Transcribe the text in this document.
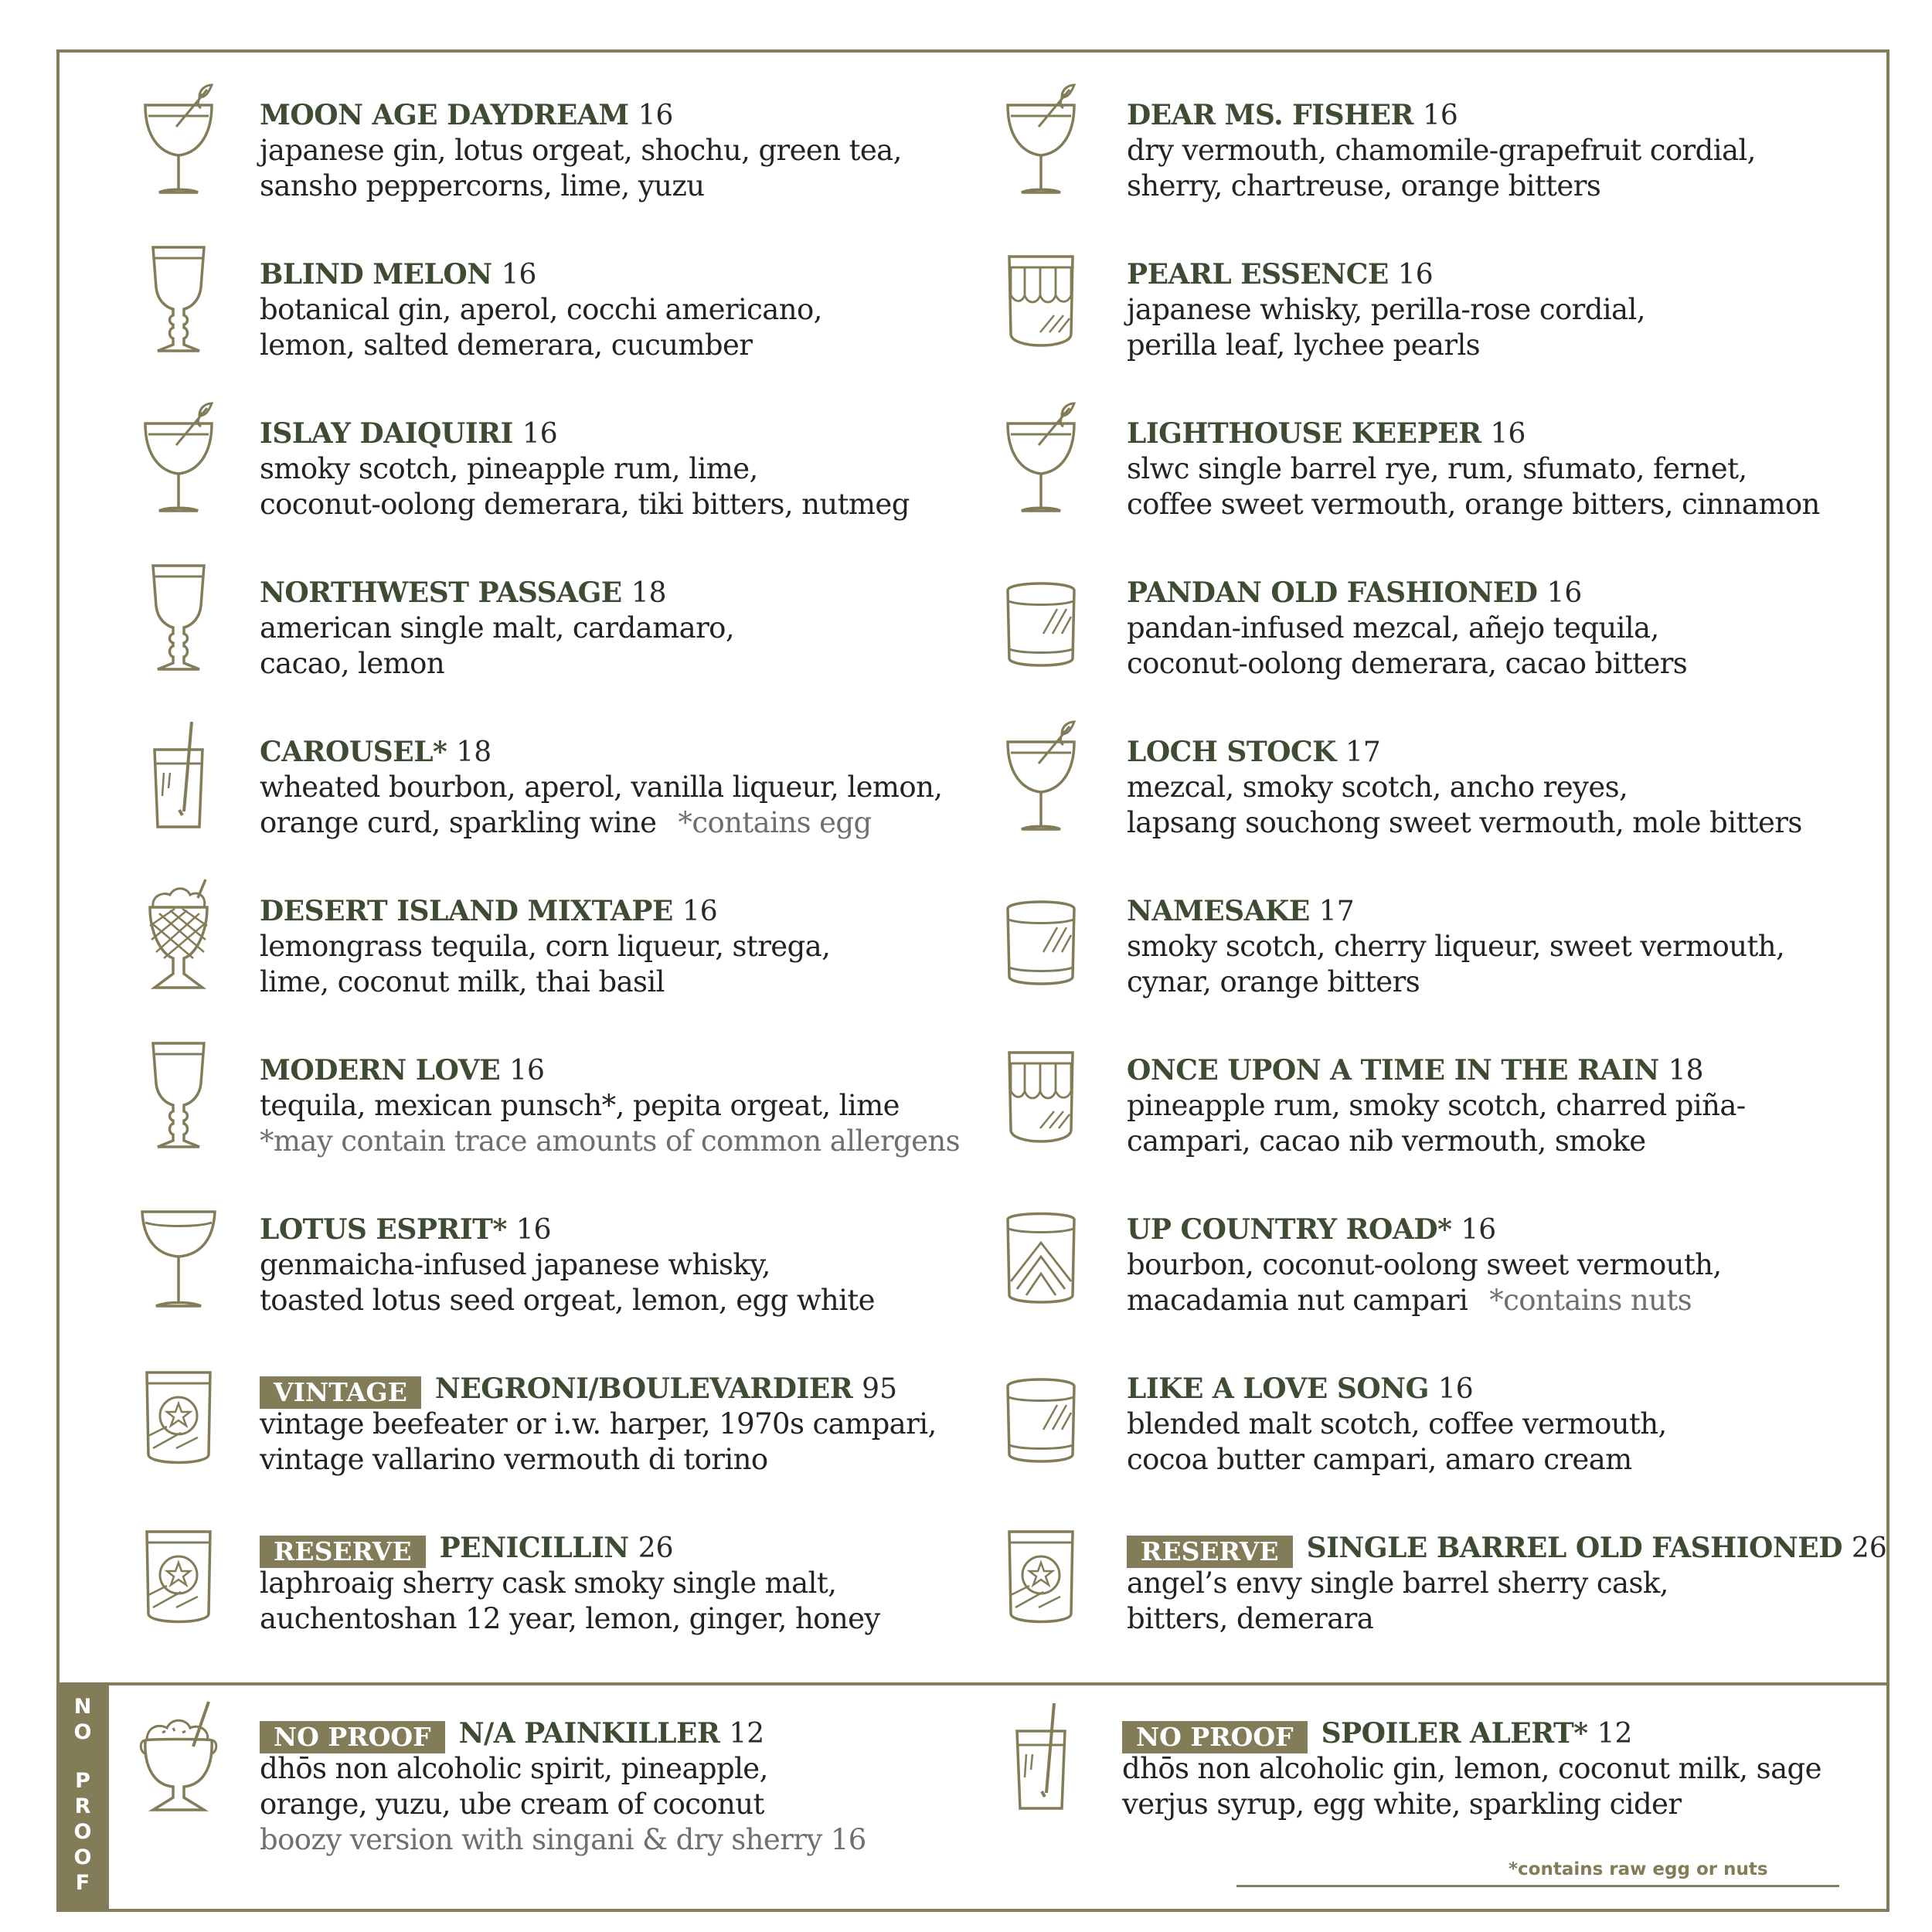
N
O
P
R
O
O
F
MOON AGE DAYDREAM 16
japanese gin, lotus orgeat, shochu, green tea,
sansho peppercorns, lime, yuzu
BLIND MELON 16
botanical gin, aperol, cocchi americano,
lemon, salted demerara, cucumber
ISLAY DAIQUIRI 16
smoky scotch, pineapple rum, lime,
coconut-oolong demerara, tiki bitters, nutmeg
NORTHWEST PASSAGE 18
american single malt, cardamaro,
cacao, lemon
CAROUSEL* 18
wheated bourbon, aperol, vanilla liqueur, lemon,
orange curd, sparkling wine *contains egg
DESERT ISLAND MIXTAPE 16
lemongrass tequila, corn liqueur, strega,
lime, coconut milk, thai basil
MODERN LOVE 16
tequila, mexican punsch*, pepita orgeat, lime
*may contain trace amounts of common allergens
LOTUS ESPRIT* 16
genmaicha-infused japanese whisky,
toasted lotus seed orgeat, lemon, egg white
VINTAGE NEGRONI/BOULEVARDIER 95
vintage beefeater or i.w. harper, 1970s campari,
vintage vallarino vermouth di torino
RESERVE PENICILLIN 26
laphroaig sherry cask smoky single malt,
auchentoshan 12 year, lemon, ginger, honey
DEAR MS. FISHER 16
dry vermouth, chamomile-grapefruit cordial,
sherry, chartreuse, orange bitters
PEARL ESSENCE 16
japanese whisky, perilla-rose cordial,
perilla leaf, lychee pearls
LIGHTHOUSE KEEPER 16
slwc single barrel rye, rum, sfumato, fernet,
coffee sweet vermouth, orange bitters, cinnamon
PANDAN OLD FASHIONED 16
pandan-infused mezcal, añejo tequila,
coconut-oolong demerara, cacao bitters
LOCH STOCK 17
mezcal, smoky scotch, ancho reyes,
lapsang souchong sweet vermouth, mole bitters
NAMESAKE 17
smoky scotch, cherry liqueur, sweet vermouth,
cynar, orange bitters
ONCE UPON A TIME IN THE RAIN 18
pineapple rum, smoky scotch, charred piña-
campari, cacao nib vermouth, smoke
UP COUNTRY ROAD* 16
bourbon, coconut-oolong sweet vermouth,
macadamia nut campari *contains nuts
LIKE A LOVE SONG 16
blended malt scotch, coffee vermouth,
cocoa butter campari, amaro cream
RESERVE SINGLE BARREL OLD FASHIONED 26
angel’s envy single barrel sherry cask,
bitters, demerara
NO PROOF N/A PAINKILLER 12
dhōs non alcoholic spirit, pineapple,
orange, yuzu, ube cream of coconut
boozy version with singani & dry sherry 16
NO PROOF SPOILER ALERT* 12
dhōs non alcoholic gin, lemon, coconut milk, sage
verjus syrup, egg white, sparkling cider
*contains raw egg or nuts
